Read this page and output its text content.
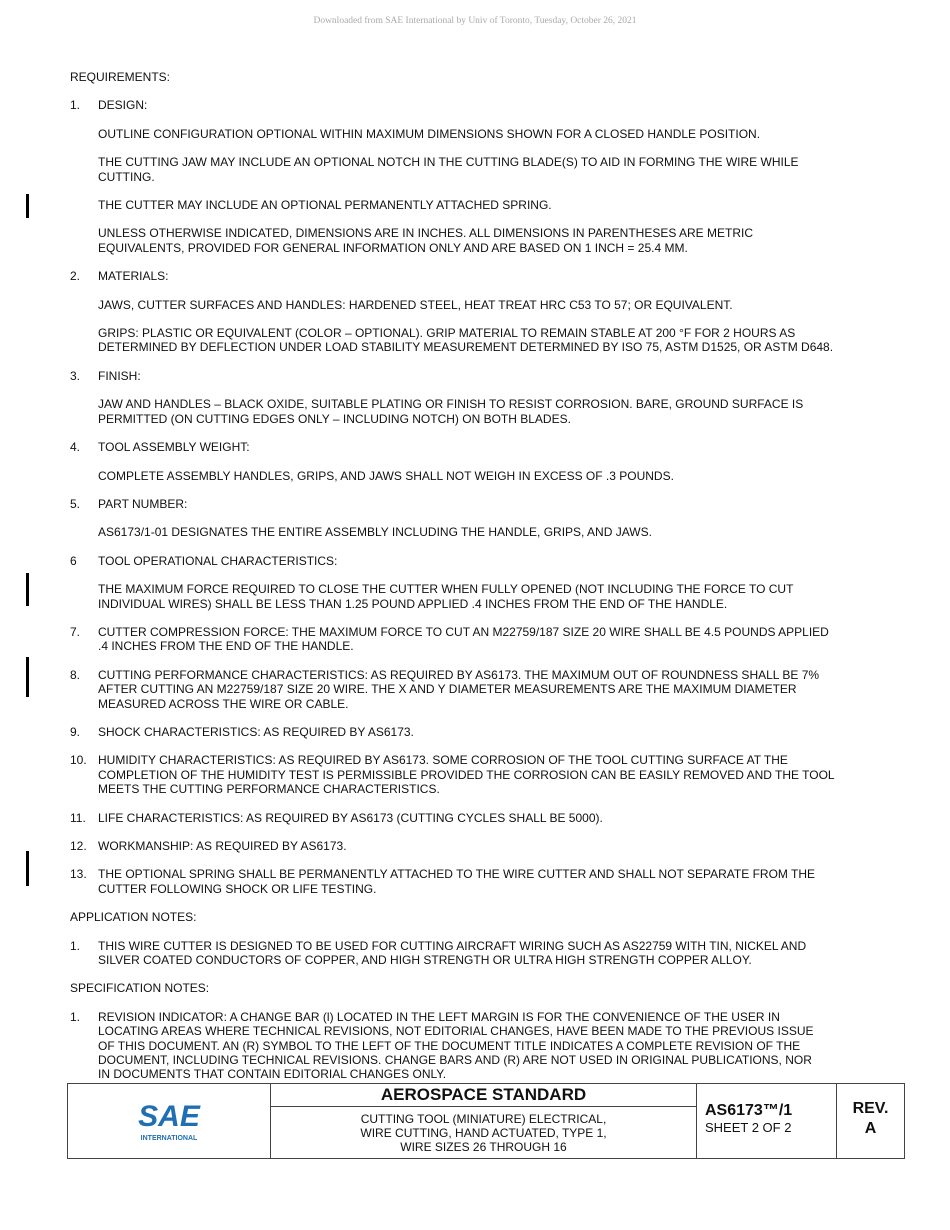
Downloaded from SAE International by Univ of Toronto, Tuesday, October 26, 2021
REQUIREMENTS:
1.	DESIGN:
OUTLINE CONFIGURATION OPTIONAL WITHIN MAXIMUM DIMENSIONS SHOWN FOR A CLOSED HANDLE POSITION.
THE CUTTING JAW MAY INCLUDE AN OPTIONAL NOTCH IN THE CUTTING BLADE(S) TO AID IN FORMING THE WIRE WHILE
CUTTING.
THE CUTTER MAY INCLUDE AN OPTIONAL PERMANENTLY ATTACHED SPRING.
UNLESS OTHERWISE INDICATED, DIMENSIONS ARE IN INCHES. ALL DIMENSIONS IN PARENTHESES ARE METRIC
EQUIVALENTS, PROVIDED FOR GENERAL INFORMATION ONLY AND ARE BASED ON 1 INCH = 25.4 MM.
2.	MATERIALS:
JAWS, CUTTER SURFACES AND HANDLES: HARDENED STEEL, HEAT TREAT HRC C53 TO 57; OR EQUIVALENT.
GRIPS: PLASTIC OR EQUIVALENT (COLOR – OPTIONAL). GRIP MATERIAL TO REMAIN STABLE AT 200 °F FOR 2 HOURS AS
DETERMINED BY DEFLECTION UNDER LOAD STABILITY MEASUREMENT DETERMINED BY ISO 75, ASTM D1525, OR ASTM D648.
3.	FINISH:
JAW AND HANDLES – BLACK OXIDE, SUITABLE PLATING OR FINISH TO RESIST CORROSION. BARE, GROUND SURFACE IS
PERMITTED (ON CUTTING EDGES ONLY – INCLUDING NOTCH) ON BOTH BLADES.
4.	TOOL ASSEMBLY WEIGHT:
COMPLETE ASSEMBLY HANDLES, GRIPS, AND JAWS SHALL NOT WEIGH IN EXCESS OF .3 POUNDS.
5.	PART NUMBER:
AS6173/1-01 DESIGNATES THE ENTIRE ASSEMBLY INCLUDING THE HANDLE, GRIPS, AND JAWS.
6	TOOL OPERATIONAL CHARACTERISTICS:
THE MAXIMUM FORCE REQUIRED TO CLOSE THE CUTTER WHEN FULLY OPENED (NOT INCLUDING THE FORCE TO CUT
INDIVIDUAL WIRES) SHALL BE LESS THAN 1.25 POUND APPLIED .4 INCHES FROM THE END OF THE HANDLE.
7.	CUTTER COMPRESSION FORCE: THE MAXIMUM FORCE TO CUT AN M22759/187 SIZE 20 WIRE SHALL BE 4.5 POUNDS APPLIED
.4 INCHES FROM THE END OF THE HANDLE.
8.	CUTTING PERFORMANCE CHARACTERISTICS: AS REQUIRED BY AS6173. THE MAXIMUM OUT OF ROUNDNESS SHALL BE 7%
AFTER CUTTING AN M22759/187 SIZE 20 WIRE. THE X AND Y DIAMETER MEASUREMENTS ARE THE MAXIMUM DIAMETER
MEASURED ACROSS THE WIRE OR CABLE.
9.	SHOCK CHARACTERISTICS: AS REQUIRED BY AS6173.
10. HUMIDITY CHARACTERISTICS: AS REQUIRED BY AS6173. SOME CORROSION OF THE TOOL CUTTING SURFACE AT THE
COMPLETION OF THE HUMIDITY TEST IS PERMISSIBLE PROVIDED THE CORROSION CAN BE EASILY REMOVED AND THE TOOL
MEETS THE CUTTING PERFORMANCE CHARACTERISTICS.
11.	LIFE CHARACTERISTICS: AS REQUIRED BY AS6173 (CUTTING CYCLES SHALL BE 5000).
12. WORKMANSHIP: AS REQUIRED BY AS6173.
13. THE OPTIONAL SPRING SHALL BE PERMANENTLY ATTACHED TO THE WIRE CUTTER AND SHALL NOT SEPARATE FROM THE
CUTTER FOLLOWING SHOCK OR LIFE TESTING.
APPLICATION NOTES:
1.	THIS WIRE CUTTER IS DESIGNED TO BE USED FOR CUTTING AIRCRAFT WIRING SUCH AS AS22759 WITH TIN, NICKEL AND
SILVER COATED CONDUCTORS OF COPPER, AND HIGH STRENGTH OR ULTRA HIGH STRENGTH COPPER ALLOY.
SPECIFICATION NOTES:
1.	REVISION INDICATOR: A CHANGE BAR (l) LOCATED IN THE LEFT MARGIN IS FOR THE CONVENIENCE OF THE USER IN
LOCATING AREAS WHERE TECHNICAL REVISIONS, NOT EDITORIAL CHANGES, HAVE BEEN MADE TO THE PREVIOUS ISSUE
OF THIS DOCUMENT. AN (R) SYMBOL TO THE LEFT OF THE DOCUMENT TITLE INDICATES A COMPLETE REVISION OF THE
DOCUMENT, INCLUDING TECHNICAL REVISIONS. CHANGE BARS AND (R) ARE NOT USED IN ORIGINAL PUBLICATIONS, NOR
IN DOCUMENTS THAT CONTAIN EDITORIAL CHANGES ONLY.
SAE
INTERNATIONAL
AEROSPACE STANDARD
CUTTING TOOL (MINIATURE) ELECTRICAL,
WIRE CUTTING, HAND ACTUATED, TYPE 1,
WIRE SIZES 26 THROUGH 16
AS6173™/1
SHEET 2 OF 2
REV.
A
